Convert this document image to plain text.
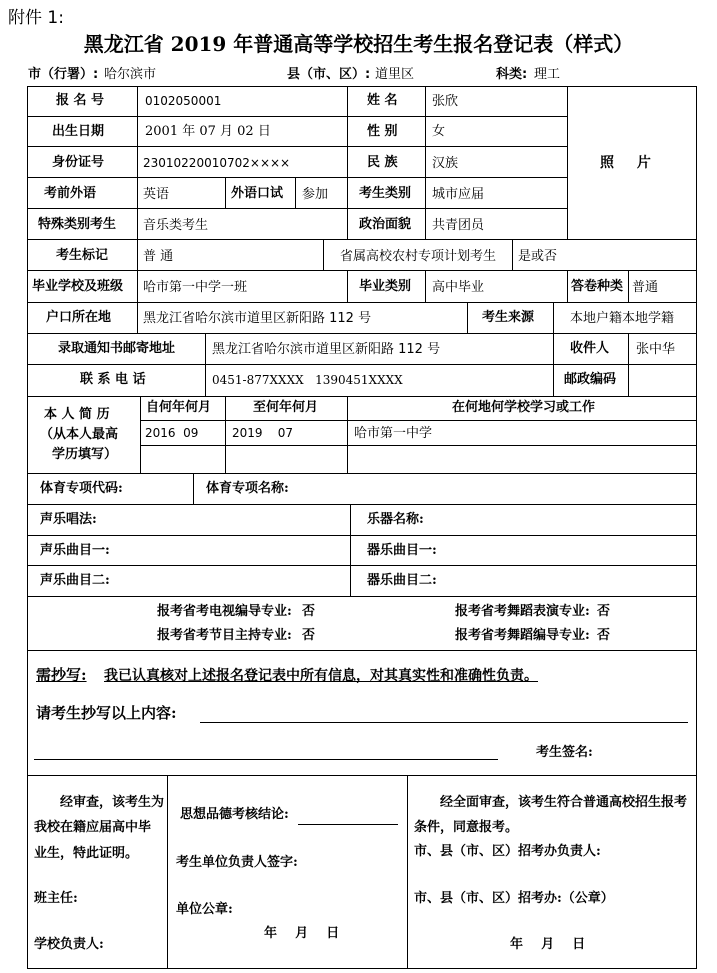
附件 1:
黑龙江省 2019 年普通高等学校招生考生报名登记表（样式）
市（行署）: 哈尔滨市	县（市、区）: 道里区	科类: 理工
报 名 号	0102050001	姓 名	张欣
出生日期	2001 年 07 月 02 日	性 别	女
身份证号	23010220010702××××	民 族	汉族	照 片
考前外语	英语	外语口试 参加 考生类别 城市应届
特殊类别考生 音乐类考生	政治面貌 共青团员
考生标记	普 通	省属高校农村专项计划考生 是或否
毕业学校及班级 哈市第一中学一班	毕业类别 高中毕业	答卷种类 普通
户口所在地 黑龙江省哈尔滨市道里区新阳路 112 号	考生来源	本地户籍本地学籍
录取通知书邮寄地址	黑龙江省哈尔滨市道里区新阳路 112 号	收件人 张中华
联 系 电 话	0451-877XXXX   1390451XXXX	邮政编码
本 人 简 历
（从本人最高
学历填写）
自何年何月	至何年何月	在何地何学校学习或工作
2016  09	2019    07	哈市第一中学
体育专项代码:	体育专项名称:
声乐唱法:	乐器名称:
声乐曲目一:	器乐曲目一:
声乐曲目二:	器乐曲目二:
报考省考电视编导专业: 否	报考省考舞蹈表演专业: 否
报考省考节目主持专业: 否	报考省考舞蹈编导专业: 否
需抄写: 我已认真核对上述报名登记表中所有信息，对其真实性和准确性负责。
请考生抄写以上内容:
考生签名:
经审查，该考生为
我校在籍应届高中毕
业生，特此证明。
班主任:
学校负责人:
思想品德考核结论:
考生单位负责人签字:
单位公章:
年    月    日
经全面审查，该考生符合普通高校招生报考
条件，同意报考。
市、县（市、区）招考办负责人:
市、县（市、区）招考办:（公章）
年    月    日
